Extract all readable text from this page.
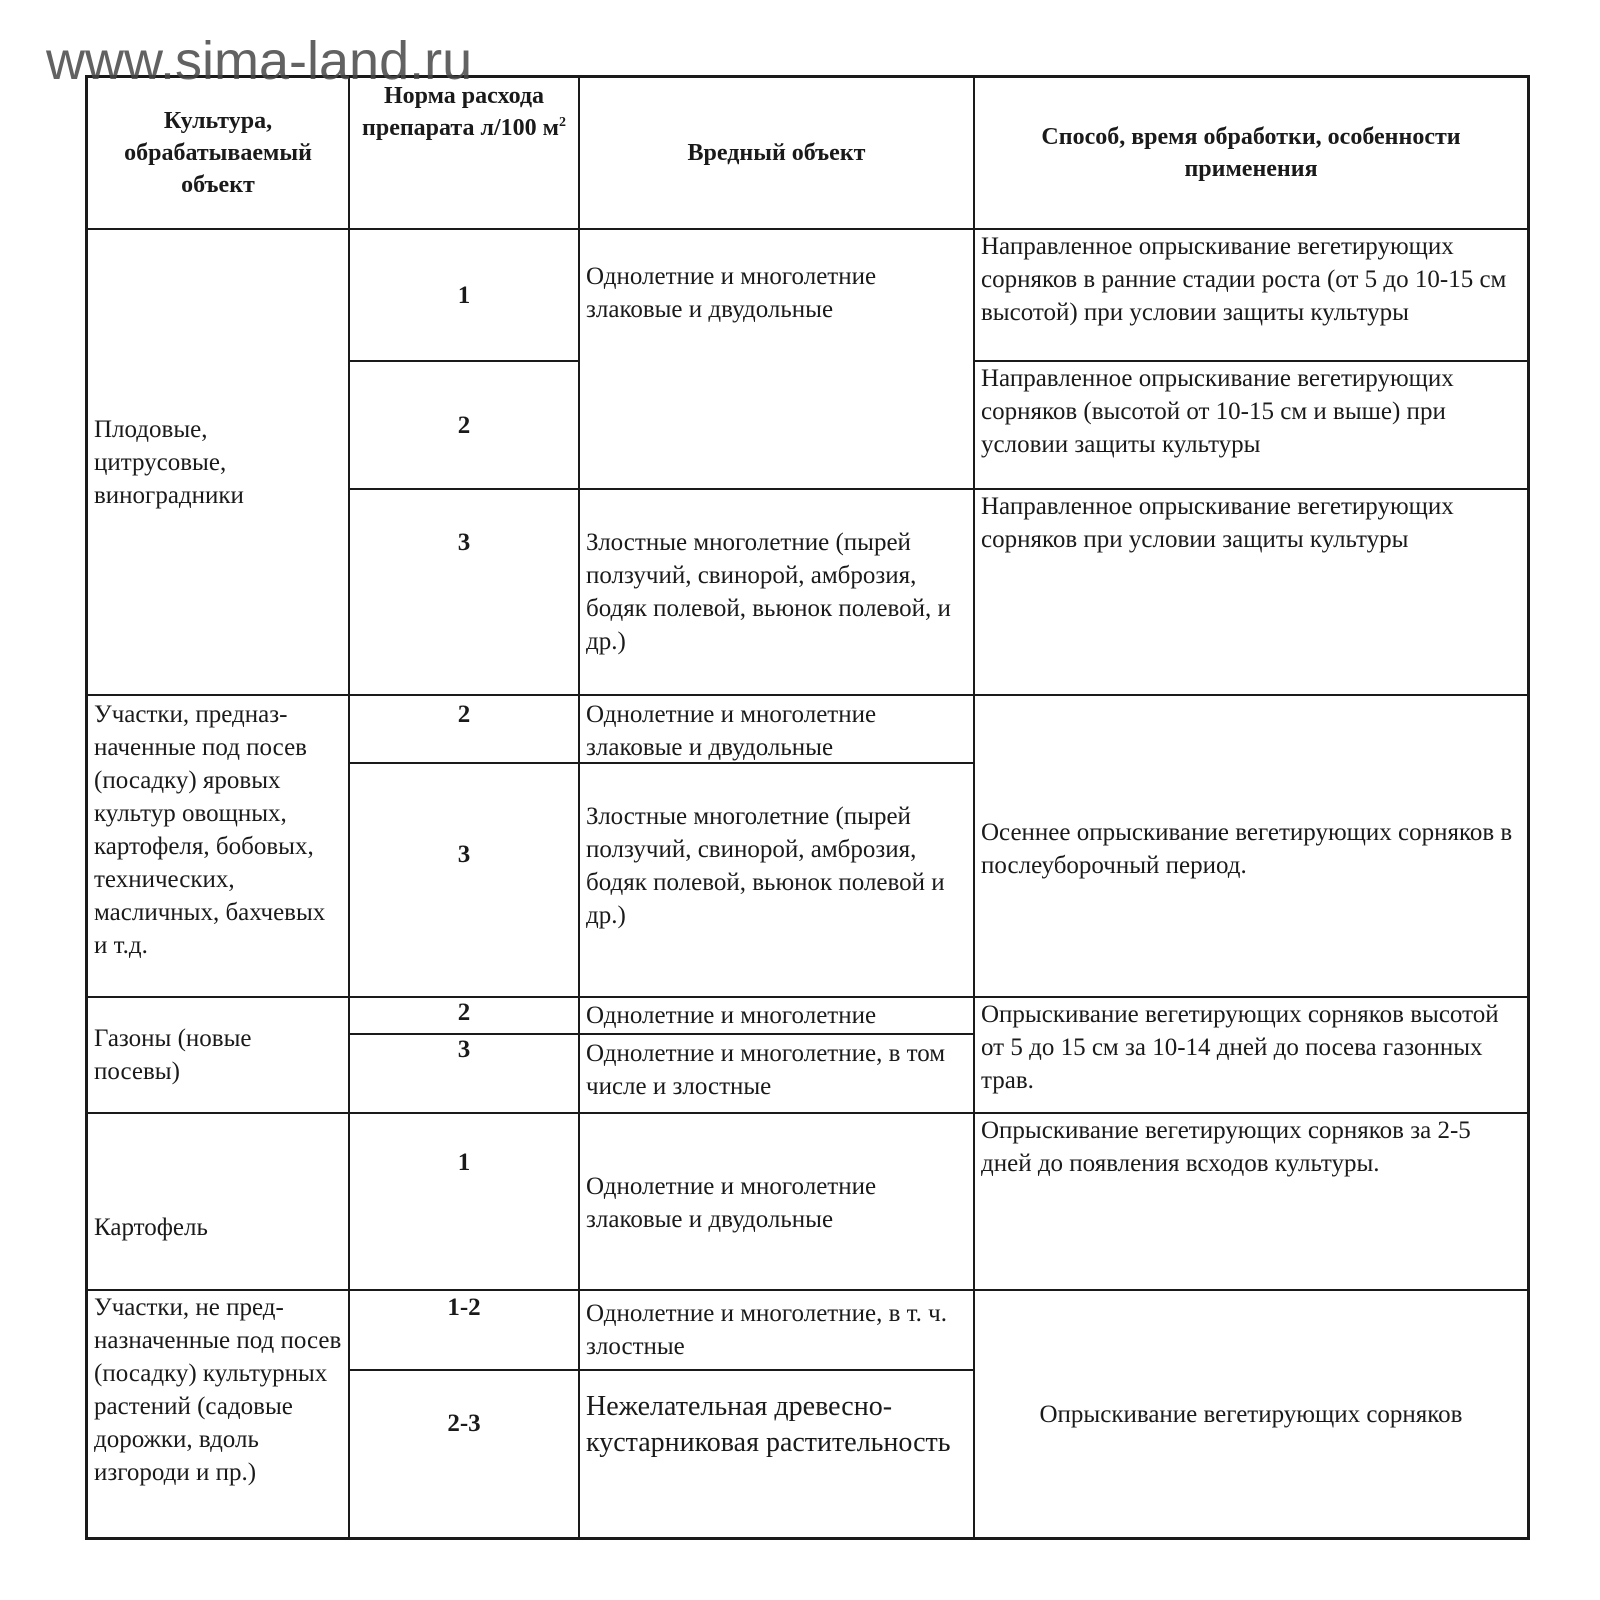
www.sima-land.ru
Культура, обрабатываемый объект
Норма расхода препарата л/100 $м^2$
Вредный объект
Способ, время обработки, особенности применения
Плодовые, цитрусовые, виноградники
1
2
3
Однолетние и многолетние злаковые и двудольные
Злостные многолетние (пырей ползучий, свинорой, амброзия, бодяк полевой, вьюнок полевой, и др.)
Направленное опрыскивание вегетирующих сорняков в ранние стадии роста (от 5 до 10-15 см высотой) при условии защиты культуры
Направленное опрыскивание вегетирующих сорняков (высотой от 10-15 см и выше) при условии защиты культуры
Направленное опрыскивание вегетирующих сорняков при условии защиты культуры
Участки, предназ-наченные под посев (посадку) яровых культур овощных, картофеля, бобовых, технических, масличных, бахчевых и т.д.
2
3
Однолетние и многолетние злаковые и двудольные
Злостные многолетние (пырей ползучий, свинорой, амброзия, бодяк полевой, вьюнок полевой и др.)
Осеннее опрыскивание вегетирующих сорняков в послеуборочный период.
Газоны (новые посевы)
2
3
Однолетние и многолетние
Однолетние и многолетние, в том числе и злостные
Опрыскивание вегетирующих сорняков высотой от 5 до 15 см за 10-14 дней до посева газонных трав.
Картофель
1
Однолетние и многолетние злаковые и двудольные
Опрыскивание вегетирующих сорняков за 2-5 дней до появления всходов культуры.
Участки, не пред-назначенные под посев (посадку) культурных растений (садовые дорожки, вдоль изгороди и пр.)
1-2
2-3
Однолетние и многолетние, в т. ч. злостные
Нежелательная древесно-кустарниковая растительность
Опрыскивание вегетирующих сорняков
